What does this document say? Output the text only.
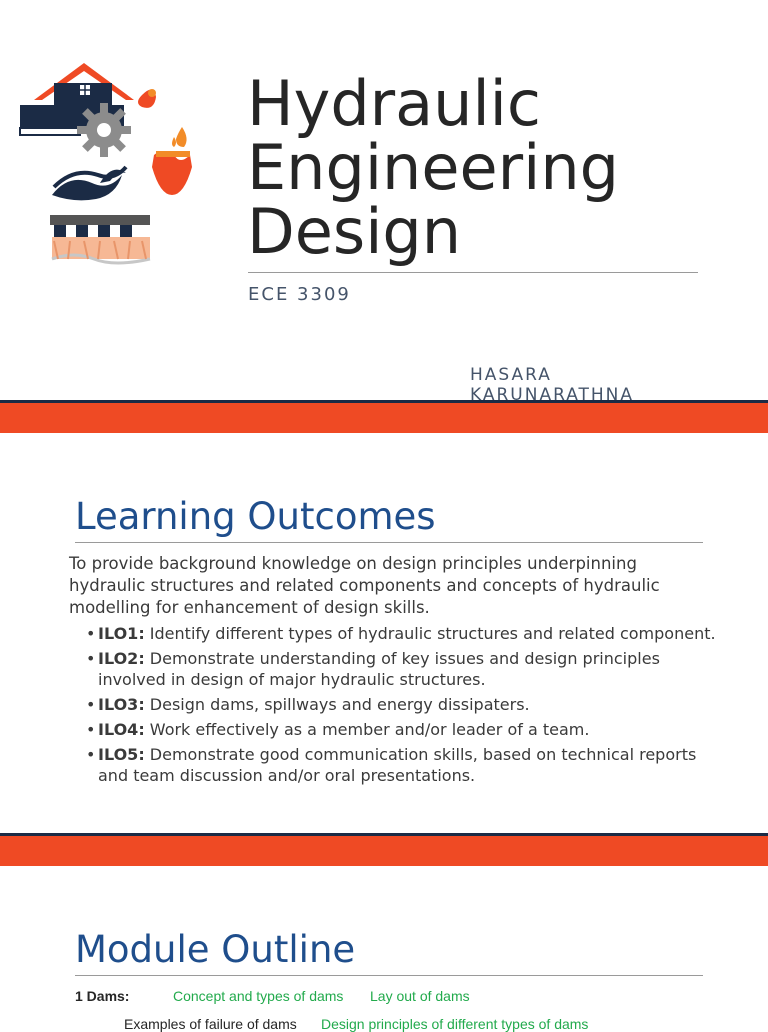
Hydraulic
Engineering
Design
ECE 3309
HASARA
KARUNARATHNA
Learning Outcomes
To provide background knowledge on design principles underpinning hydraulic structures and related components and concepts of hydraulic modelling for enhancement of design skills.
• ILO1: Identify different types of hydraulic structures and related component.
• ILO2: Demonstrate understanding of key issues and design principles involved in design of major hydraulic structures.
• ILO3: Design dams, spillways and energy dissipaters.
• ILO4: Work effectively as a member and/or leader of a team.
• ILO5: Demonstrate good communication skills, based on technical reports and team discussion and/or oral presentations.
Module Outline
1 Dams:	Concept and types of dams Lay out of dams
Examples of failure of dams Design principles of different types of dams
